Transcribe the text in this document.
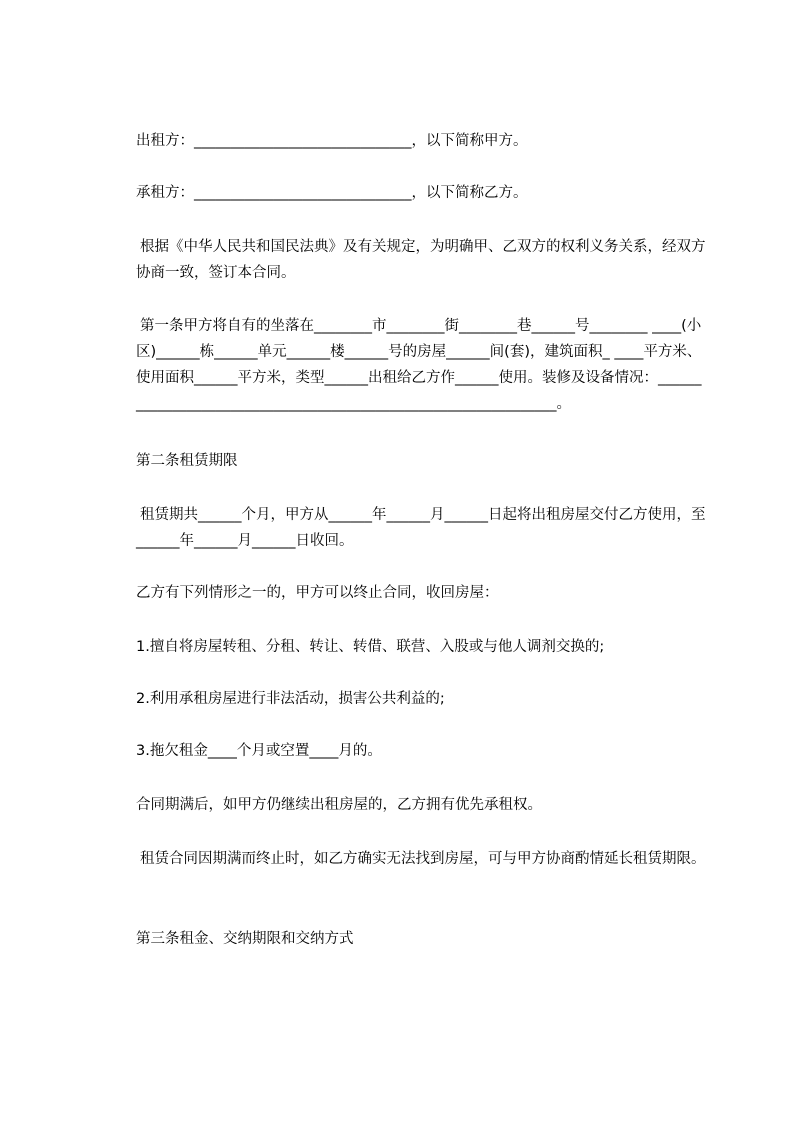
出租方：______________________________，以下简称甲方。

承租方：______________________________，以下简称乙方。

根据《中华人民共和国民法典》及有关规定，为明确甲、乙双方的权利义务关系，经双方协商一致，签订本合同。

第一条甲方将自有的坐落在________市________街________巷______号________ ____(小区)______栋______单元______楼______号的房屋______间(套)，建筑面积_ ____平方米、使用面积______平方米，类型______出租给乙方作______使用。装修及设备情况：________________________________________________________________。

第二条租赁期限

租赁期共______个月，甲方从______年______月______日起将出租房屋交付乙方使用，至______年______月______日收回。

乙方有下列情形之一的，甲方可以终止合同，收回房屋：

1.擅自将房屋转租、分租、转让、转借、联营、入股或与他人调剂交换的;

2.利用承租房屋进行非法活动，损害公共利益的;

3.拖欠租金____个月或空置____月的。

合同期满后，如甲方仍继续出租房屋的，乙方拥有优先承租权。

租赁合同因期满而终止时，如乙方确实无法找到房屋，可与甲方协商酌情延长租赁期限。

第三条租金、交纳期限和交纳方式
